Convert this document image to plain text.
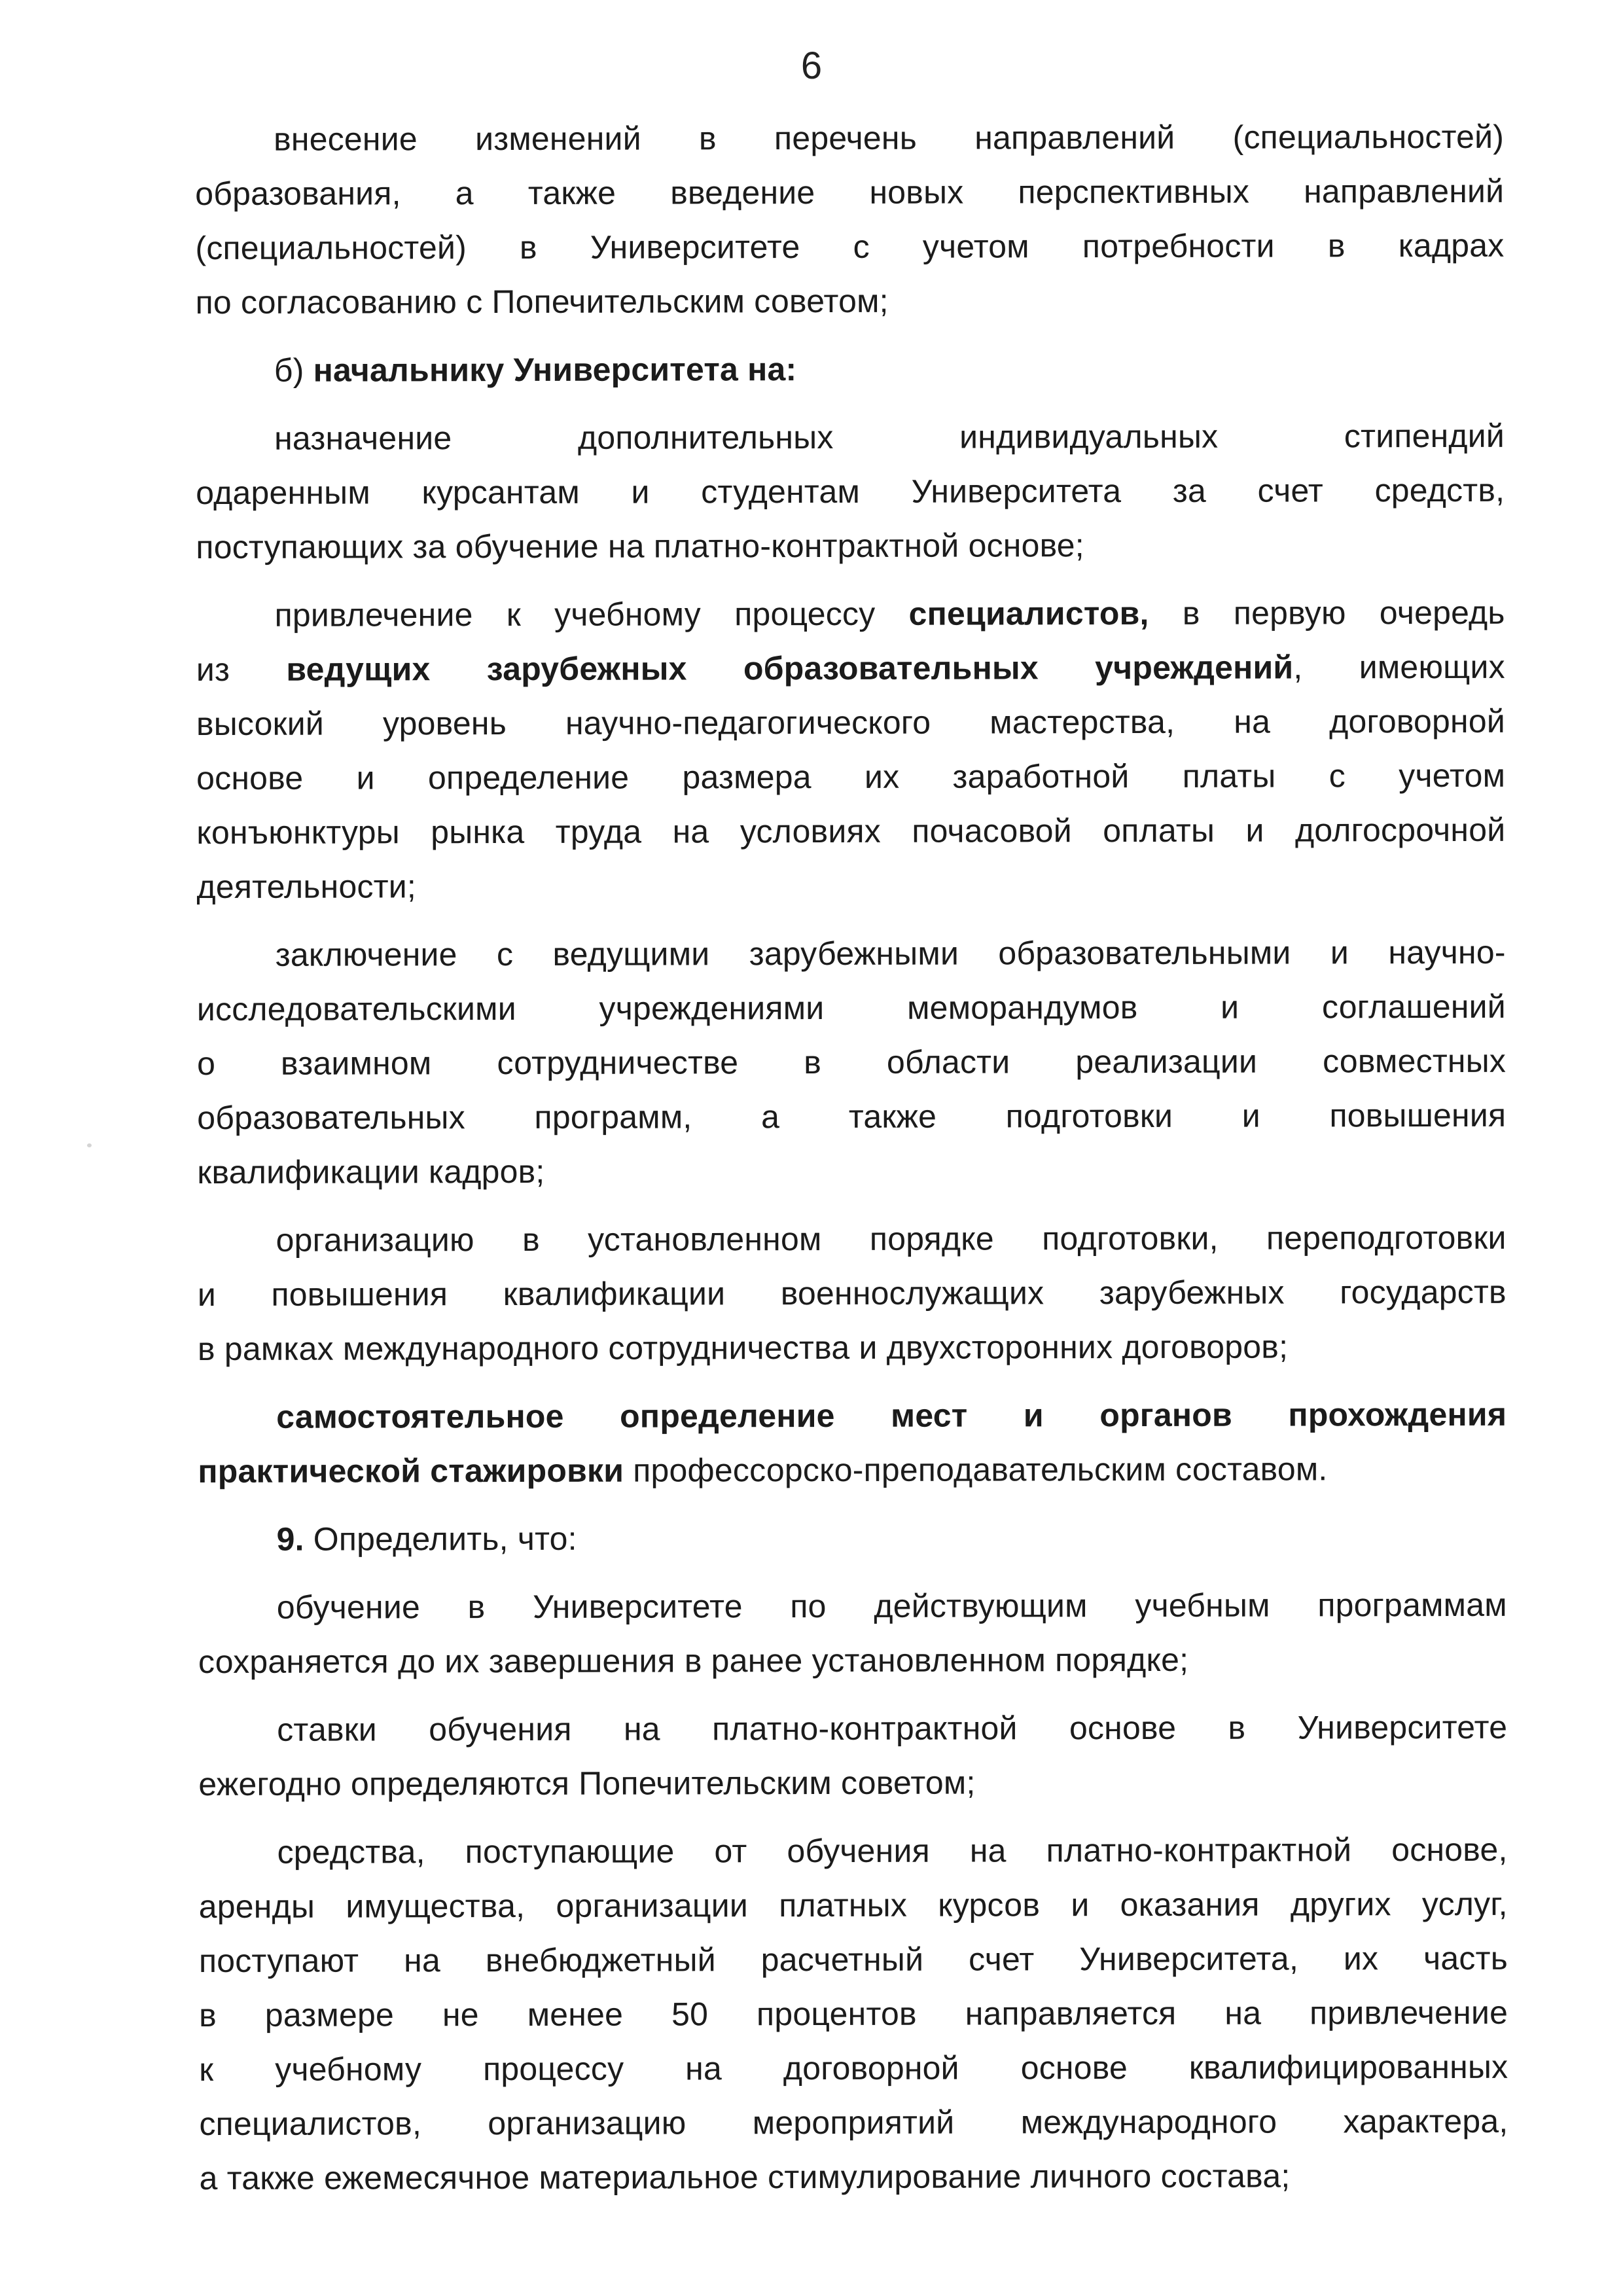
6
внесение изменений в перечень направлений (специальностей)
образования, а также введение новых перспективных направлений
(специальностей) в Университете с учетом потребности в кадрах
по согласованию с Попечительским советом;
б) начальнику Университета на:
назначение дополнительных индивидуальных стипендий
одаренным курсантам и студентам Университета за счет средств,
поступающих за обучение на платно-контрактной основе;
привлечение к учебному процессу специалистов, в первую очередь
из ведущих зарубежных образовательных учреждений, имеющих
высокий уровень научно-педагогического мастерства, на договорной
основе и определение размера их заработной платы с учетом
конъюнктуры рынка труда на условиях почасовой оплаты и долгосрочной
деятельности;
заключение с ведущими зарубежными образовательными и научно-
исследовательскими учреждениями меморандумов и соглашений
о взаимном сотрудничестве в области реализации совместных
образовательных программ, а также подготовки и повышения
квалификации кадров;
организацию в установленном порядке подготовки, переподготовки
и повышения квалификации военнослужащих зарубежных государств
в рамках международного сотрудничества и двухсторонних договоров;
самостоятельное определение мест и органов прохождения
практической стажировки профессорско-преподавательским составом.
9. Определить, что:
обучение в Университете по действующим учебным программам
сохраняется до их завершения в ранее установленном порядке;
ставки обучения на платно-контрактной основе в Университете
ежегодно определяются Попечительским советом;
средства, поступающие от обучения на платно-контрактной основе,
аренды имущества, организации платных курсов и оказания других услуг,
поступают на внебюджетный расчетный счет Университета, их часть
в размере не менее 50 процентов направляется на привлечение
к учебному процессу на договорной основе квалифицированных
специалистов, организацию мероприятий международного характера,
а также ежемесячное материальное стимулирование личного состава;
